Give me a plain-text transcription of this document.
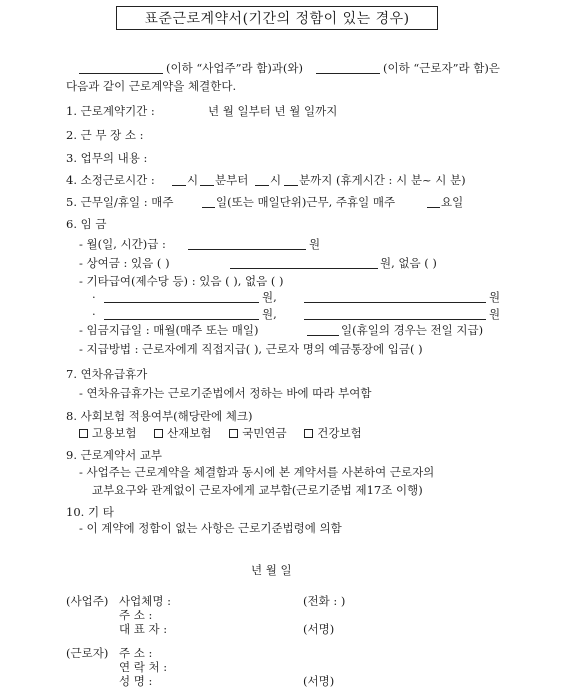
표준근로계약서(기간의 정함이 있는 경우)
(이하 “사업주”라 함)과(와)	(이하 “근로자”라 함)은
다음과 같이 근로계약을 체결한다.
1. 근로계약기간 :	년 월 일부터 년 월 일까지
2. 근 무 장 소 :
3. 업무의 내용 :
4. 소정근로시간 :	시 분부터 시 분까지 (휴게시간 : 시 분~ 시 분)
5. 근무일/휴일 : 매주	일(또는 매일단위)근무, 주휴일 매주	요일
6. 임 금
- 월(일, 시간)급 :	원
- 상여금 : 있음 ( )	원, 없음 ( )
- 기타급여(제수당 등) : 있음 ( ), 없음 ( )
·	원,	원
·	원,	원
- 임금지급일 : 매월(매주 또는 매일)	일(휴일의 경우는 전일 지급)
- 지급방법 : 근로자에게 직접지급( ), 근로자 명의 예금통장에 입금( )
7. 연차유급휴가
- 연차유급휴가는 근로기준법에서 정하는 바에 따라 부여함
8. 사회보험 적용여부(해당란에 체크)
고용보험	산재보험	국민연금	건강보험
9. 근로계약서 교부
- 사업주는 근로계약을 체결함과 동시에 본 계약서를 사본하여 근로자의
교부요구와 관계없이 근로자에게 교부함(근로기준법 제17조 이행)
10. 기 타
- 이 계약에 정함이 없는 사항은 근로기준법령에 의함
년 월 일
(사업주) 사업체명 :	(전화 : )
주 소 :
대 표 자 :	(서명)
(근로자) 주 소 :
연 락 처 :
성 명 :	(서명)
